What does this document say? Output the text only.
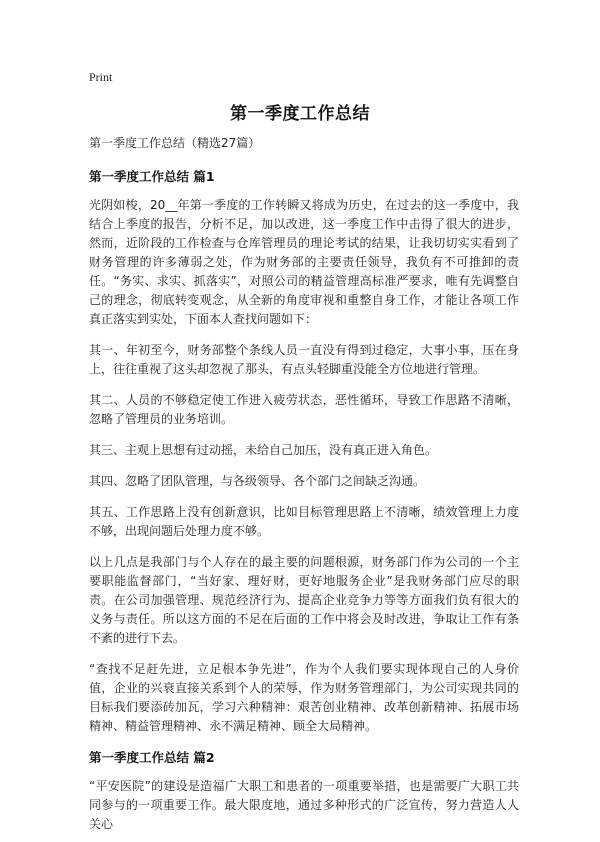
Print
第一季度工作总结
第一季度工作总结（精选27篇）
第一季度工作总结 篇1
光阴如梭，20__年第一季度的工作转瞬又将成为历史，在过去的这一季度中，我结合上季度的报告，分析不足，加以改进，这一季度工作中击得了很大的进步，然而，近阶段的工作检查与仓库管理员的理论考试的结果，让我切切实实看到了财务管理的许多薄弱之处，作为财务部的主要责任领导，我负有不可推卸的责任。“务实、求实、抓落实”，对照公司的精益管理高标准严要求，唯有先调整自己的理念，彻底转变观念，从全新的角度审视和重整自身工作，才能让各项工作真正落实到实处，下面本人查找问题如下：
其一、年初至今，财务部整个条线人员一直没有得到过稳定，大事小事，压在身上，往往重视了这头却忽视了那头，有点头轻脚重没能全方位地进行管理。
其二、人员的不够稳定使工作进入疲劳状态，恶性循环，导致工作思路不清晰，忽略了管理员的业务培训。
其三、主观上思想有过动摇，未给自己加压，没有真正进入角色。
其四、忽略了团队管理，与各级领导、各个部门之间缺乏沟通。
其五、工作思路上没有创新意识，比如目标管理思路上不清晰，绩效管理上力度不够，出现问题后处理力度不够。
以上几点是我部门与个人存在的最主要的问题根源，财务部门作为公司的一个主要职能监督部门，“当好家、理好财，更好地服务企业”是我财务部门应尽的职责。在公司加强管理、规范经济行为、提高企业竞争力等等方面我们负有很大的义务与责任。所以这方面的不足在后面的工作中将会及时改进，争取让工作有条不紊的进行下去。
“查找不足赶先进，立足根本争先进”，作为个人我们要实现体现自己的人身价值，企业的兴衰直接关系到个人的荣辱，作为财务管理部门，为公司实现共同的目标我们要添砖加瓦，学习六种精神：艰苦创业精神、改革创新精神、拓展市场精神、精益管理精神、永不满足精神、顾全大局精神。
第一季度工作总结 篇2
“平安医院”的建设是造福广大职工和患者的一项重要举措，也是需要广大职工共同参与的一项重要工作。最大限度地，通过多种形式的广泛宣传，努力营造人人关心
